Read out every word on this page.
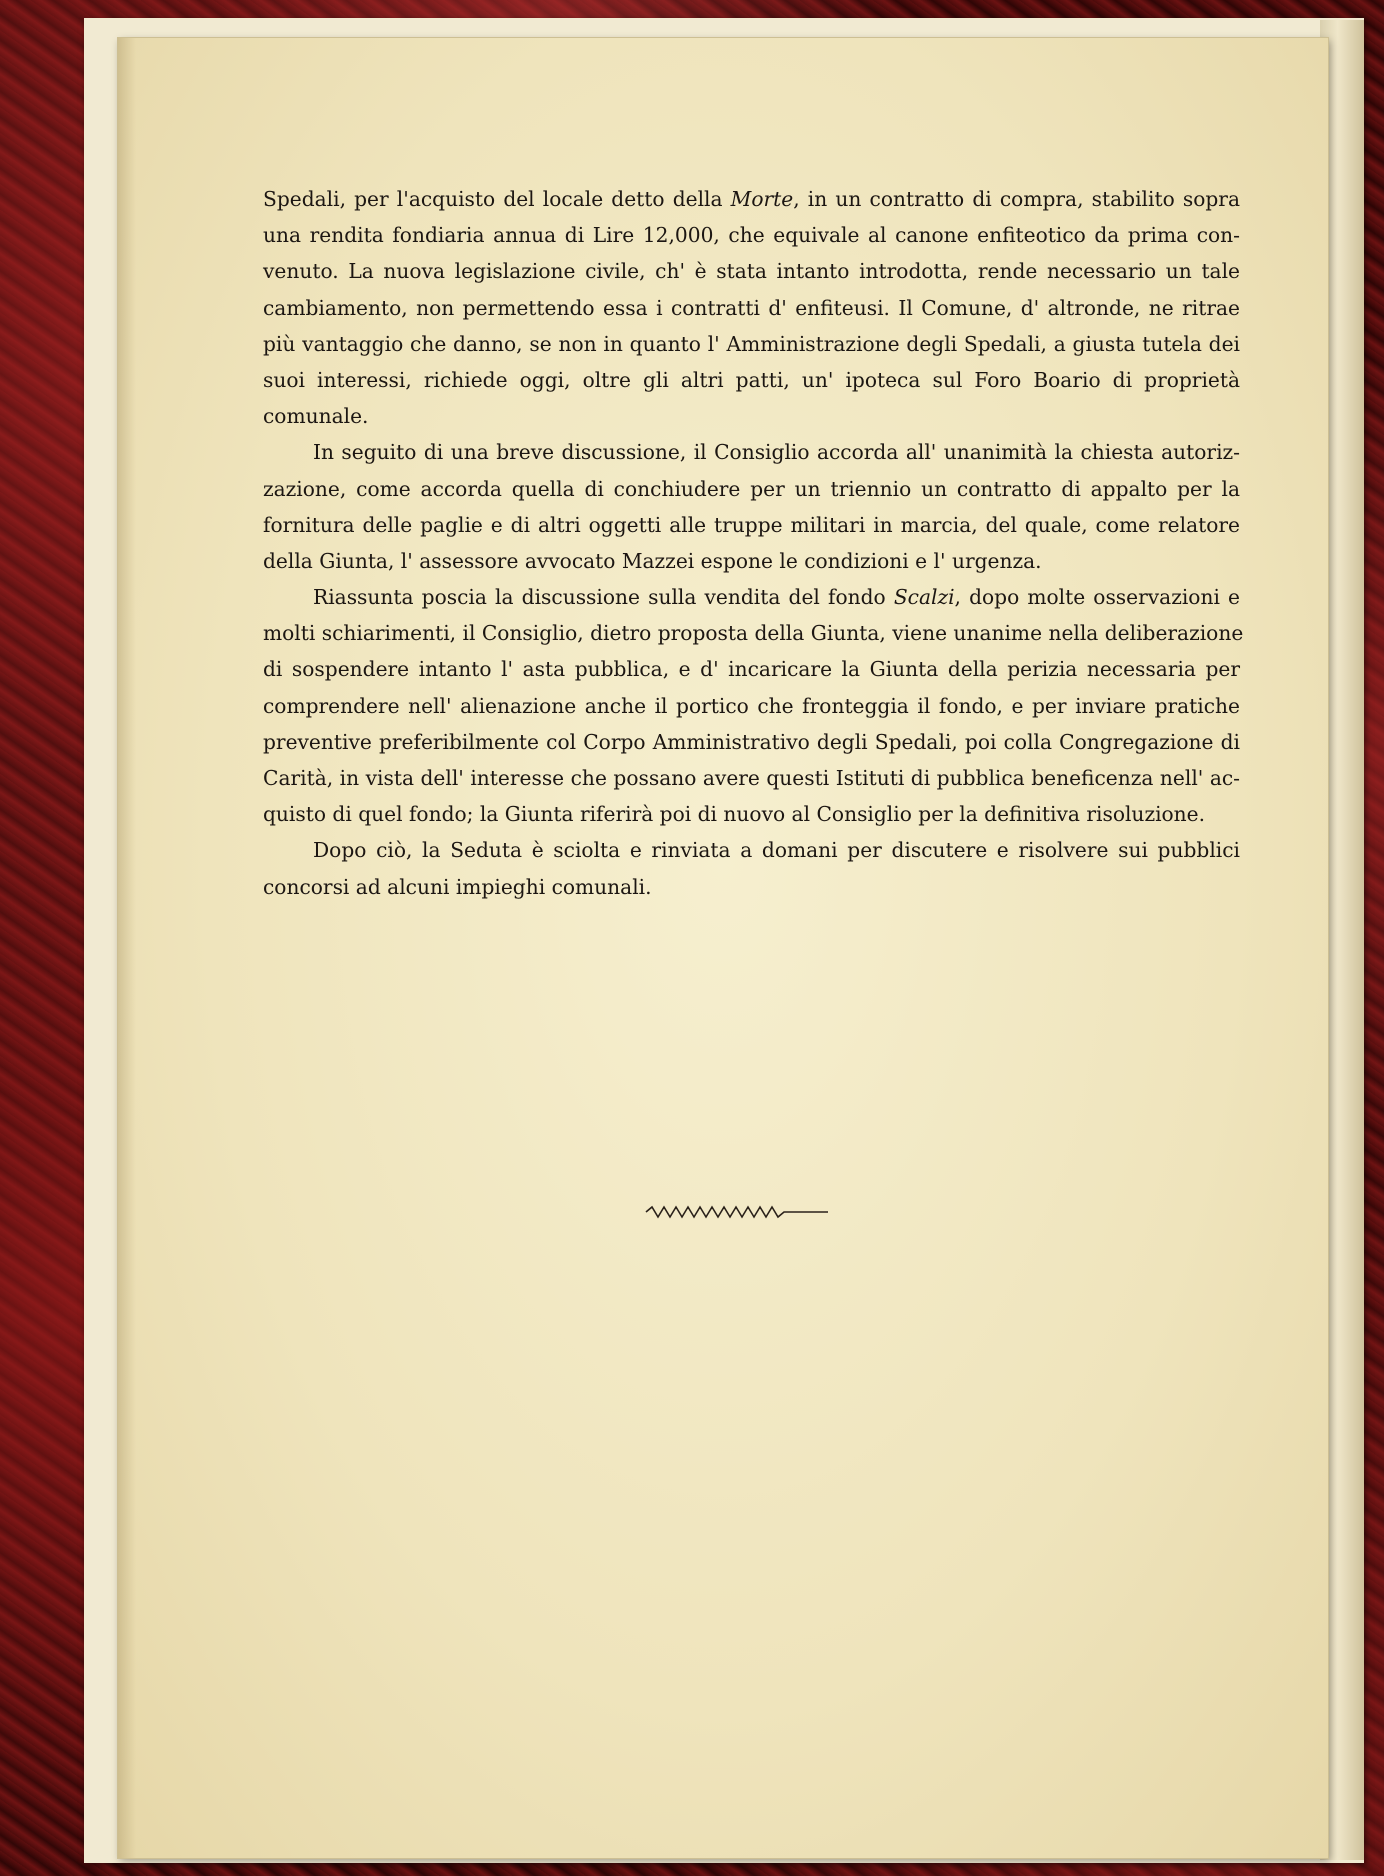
Spedali, per l'acquisto del locale detto della Morte, in un contratto di compra, stabilito sopra
una rendita fondiaria annua di Lire 12,000, che equivale al canone enfiteotico da prima con-
venuto. La nuova legislazione civile, ch' è stata intanto introdotta, rende necessario un tale
cambiamento, non permettendo essa i contratti d' enfiteusi. Il Comune, d' altronde, ne ritrae
più vantaggio che danno, se non in quanto l' Amministrazione degli Spedali, a giusta tutela dei
suoi interessi, richiede oggi, oltre gli altri patti, un' ipoteca sul Foro Boario di proprietà
comunale.
In seguito di una breve discussione, il Consiglio accorda all' unanimità la chiesta autoriz-
zazione, come accorda quella di conchiudere per un triennio un contratto di appalto per la
fornitura delle paglie e di altri oggetti alle truppe militari in marcia, del quale, come relatore
della Giunta, l' assessore avvocato Mazzei espone le condizioni e l' urgenza.
Riassunta poscia la discussione sulla vendita del fondo Scalzi, dopo molte osservazioni e
molti schiarimenti, il Consiglio, dietro proposta della Giunta, viene unanime nella deliberazione
di sospendere intanto l' asta pubblica, e d' incaricare la Giunta della perizia necessaria per
comprendere nell' alienazione anche il portico che fronteggia il fondo, e per inviare pratiche
preventive preferibilmente col Corpo Amministrativo degli Spedali, poi colla Congregazione di
Carità, in vista dell' interesse che possano avere questi Istituti di pubblica beneficenza nell' ac-
quisto di quel fondo; la Giunta riferirà poi di nuovo al Consiglio per la definitiva risoluzione.
Dopo ciò, la Seduta è sciolta e rinviata a domani per discutere e risolvere sui pubblici
concorsi ad alcuni impieghi comunali.
